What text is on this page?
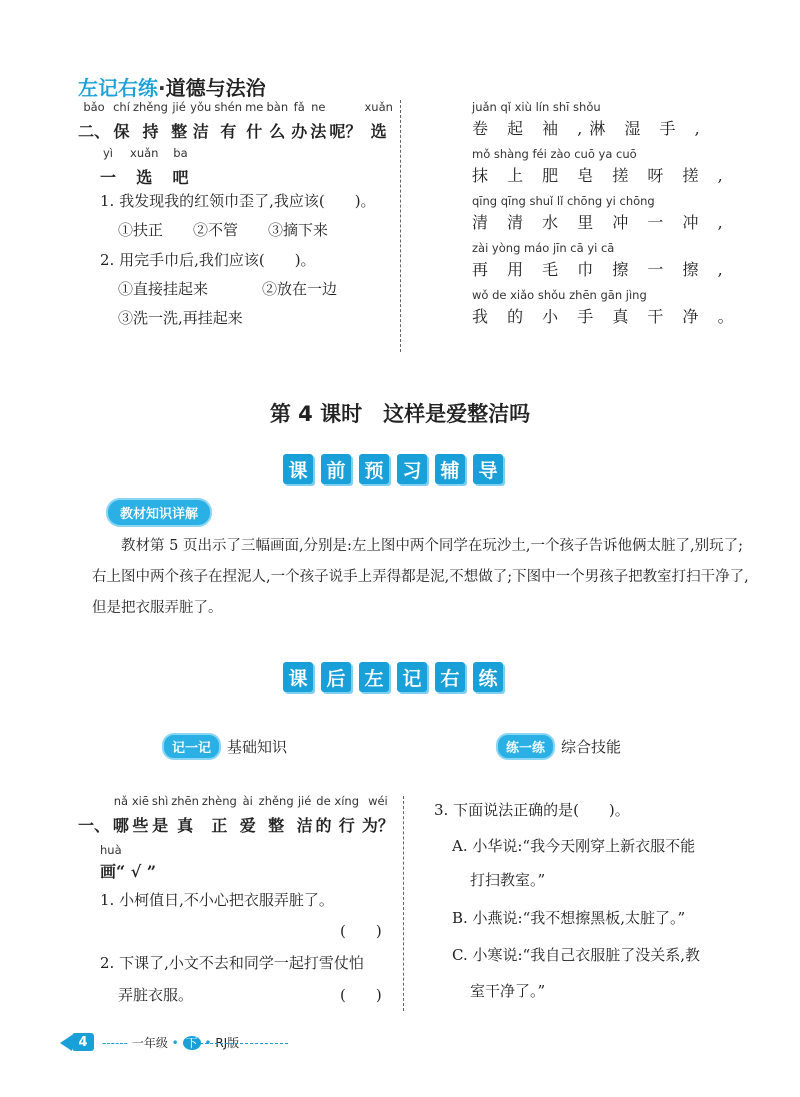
左记右练·道德与法治
bǎo
二、
chí
保
zhěng
持
jié
整
yǒu
洁
shén
有
me
什
bàn
么
fǎ
办
ne
法 呢？
xuǎn
选
yì
一
xuǎn
选
ba
吧
1. 我发现我的红领巾歪了,我应该(　　)。
①扶正　　②不管　　③摘下来
2. 用完手巾后,我们应该(　　)。
①直接挂起来	②放在一边
③洗一洗,再挂起来
juǎn qǐ xiù lín shī shǒu
卷 起 袖 ,淋 湿 手 ,
mǒ shàng féi zào cuō ya cuō
抹 上 肥 皂 搓 呀 搓 ,
qīng qīng shuǐ lǐ chōng yi chōng
清 清 水 里 冲 一 冲 ,
zài yòng máo jīn cā yi cā
再 用 毛 巾 擦 一 擦 ,
wǒ de xiǎo shǒu zhēn gān jìng
我 的 小 手 真 干 净 。
第 4 课时　这样是爱整洁吗
课 前 预 习 辅 导
教材知识详解
教材第 5 页出示了三幅画面,分别是:左上图中两个同学在玩沙土,一个孩子告诉他俩太脏了,别玩了;右上图中两个孩子在捏泥人,一个孩子说手上弄得都是泥,不想做了;下图中一个男孩子把教室打扫干净了,但是把衣服弄脏了。
课 后 左 记 右 练
记一记	基础知识	练一练	综合技能
一、
nǎ
哪
xiē
些
shì
是
zhēn
真
zhèng
正
ài
爱
zhěng
整
jié
洁
de
的
xíng
行
wéi
为？
huà
画“ √ ”
1. 小柯值日,不小心把衣服弄脏了。
(　　)
2. 下课了,小文不去和同学一起打雪仗怕
弄脏衣服。	(　　)
3. 下面说法正确的是(　　)。
A. 小华说:“我今天刚穿上新衣服不能
打扫教室。”
B. 小燕说:“我不想擦黑板,太脏了。”
C. 小寒说:“我自己衣服脏了没关系,教
室干净了。”
4	------ 一年级 • 下 • RJ版
